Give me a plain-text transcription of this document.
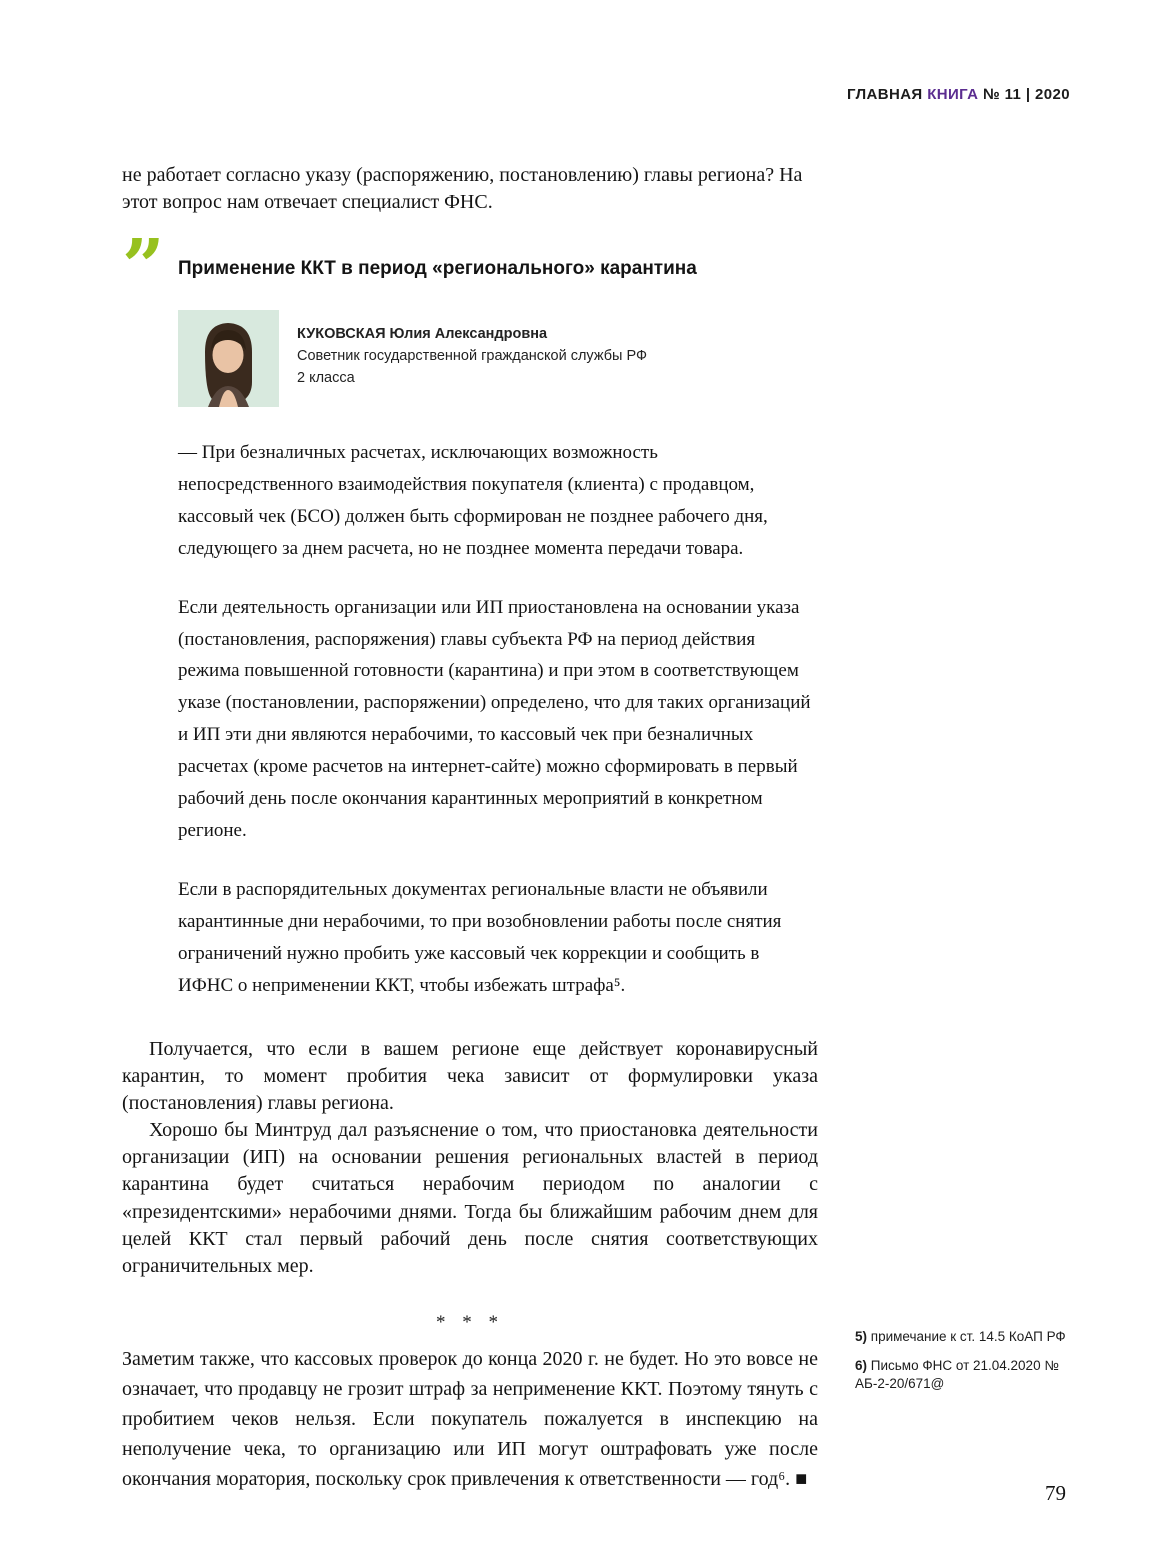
ГЛАВНАЯ КНИГА № 11 | 2020

не работает согласно указу (распоряжению, постановлению) главы региона? На этот вопрос нам отвечает специалист ФНС.

”	Применение ККТ в период «регионального» карантина
КУКОВСКАЯ Юлия Александровна
Советник государственной гражданской службы РФ
2 класса

— При безналичных расчетах, исключающих возможность непосредственного взаимодействия покупателя (клиента) с продавцом, кассовый чек (БСО) должен быть сформирован не позднее рабочего дня, следующего за днем расчета, но не позднее момента передачи товара.

Если деятельность организации или ИП приостановлена на основании указа (постановления, распоряжения) главы субъекта РФ на период действия режима повышенной готовности (карантина) и при этом в соответствующем указе (постановлении, распоряжении) определено, что для таких организаций и ИП эти дни являются нерабочими, то кассовый чек при безналичных расчетах (кроме расчетов на интернет-сайте) можно сформировать в первый рабочий день после окончания карантинных мероприятий в конкретном регионе.

Если в распорядительных документах региональные власти не объявили карантинные дни нерабочими, то при возобновлении работы после снятия ограничений нужно пробить уже кассовый чек коррекции и сообщить в ИФНС о неприменении ККТ, чтобы избежать штрафа⁵.

Получается, что если в вашем регионе еще действует коронавирусный карантин, то момент пробития чека зависит от формулировки указа (постановления) главы региона.

Хорошо бы Минтруд дал разъяснение о том, что приостановка деятельности организации (ИП) на основании решения региональных властей в период карантина будет считаться нерабочим периодом по аналогии с «президентскими» нерабочими днями. Тогда бы ближайшим рабочим днем для целей ККТ стал первый рабочий день после снятия соответствующих ограничительных мер.

* * *

Заметим также, что кассовых проверок до конца 2020 г. не будет. Но это вовсе не означает, что продавцу не грозит штраф за неприменение ККТ. Поэтому тянуть с пробитием чеков нельзя. Если покупатель пожалуется в инспекцию на неполучение чека, то организацию или ИП могут оштрафовать уже после окончания моратория, поскольку срок привлечения к ответственности — год⁶. ■

5) примечание к ст. 14.5 КоАП РФ
6) Письмо ФНС от 21.04.2020 № АБ-2-20/671@
79
